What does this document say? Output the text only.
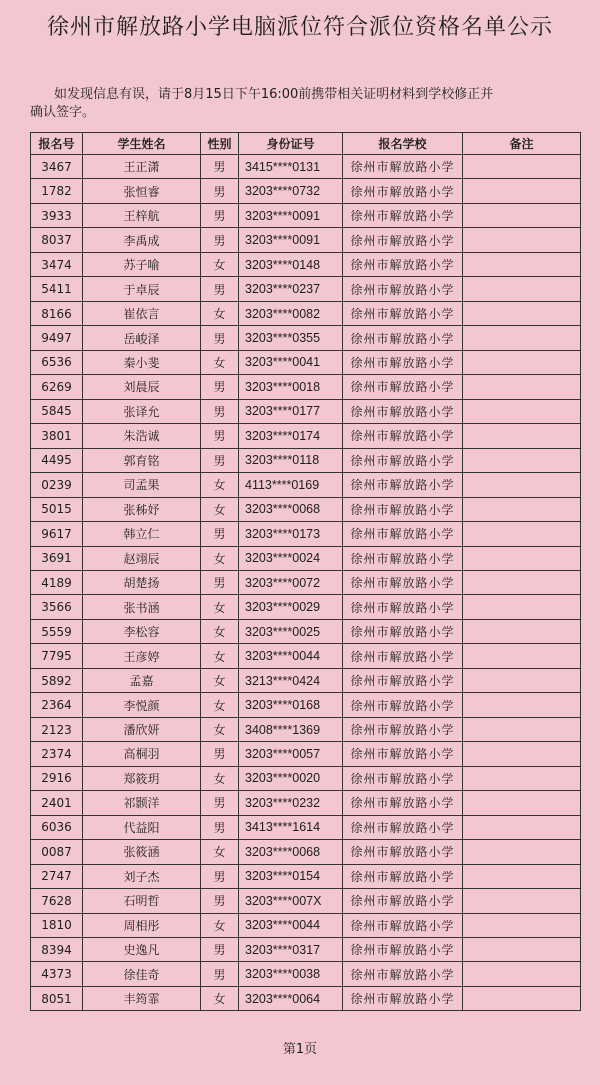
徐州市解放路小学电脑派位符合派位资格名单公示
如发现信息有误，请于8月15日下午16:00前携带相关证明材料到学校修正并
确认签字。
报名号	学生姓名	性别	身份证号	报名学校	备注
3467	王正潇	男	3415****0131	徐州市解放路小学	
1782	张恒睿	男	3203****0732	徐州市解放路小学	
3933	王梓航	男	3203****0091	徐州市解放路小学	
8037	李禹成	男	3203****0091	徐州市解放路小学	
3474	苏子喻	女	3203****0148	徐州市解放路小学	
5411	于卓辰	男	3203****0237	徐州市解放路小学	
8166	崔依言	女	3203****0082	徐州市解放路小学	
9497	岳峻泽	男	3203****0355	徐州市解放路小学	
6536	秦小斐	女	3203****0041	徐州市解放路小学	
6269	刘晨辰	男	3203****0018	徐州市解放路小学	
5845	张译允	男	3203****0177	徐州市解放路小学	
3801	朱浩诚	男	3203****0174	徐州市解放路小学	
4495	郭育铭	男	3203****0118	徐州市解放路小学	
0239	司孟果	女	4113****0169	徐州市解放路小学	
5015	张秭妤	女	3203****0068	徐州市解放路小学	
9617	韩立仁	男	3203****0173	徐州市解放路小学	
3691	赵翊辰	女	3203****0024	徐州市解放路小学	
4189	胡楚扬	男	3203****0072	徐州市解放路小学	
3566	张书涵	女	3203****0029	徐州市解放路小学	
5559	李松容	女	3203****0025	徐州市解放路小学	
7795	王彦婷	女	3203****0044	徐州市解放路小学	
5892	孟嘉	女	3213****0424	徐州市解放路小学	
2364	李悦颜	女	3203****0168	徐州市解放路小学	
2123	潘欣妍	女	3408****1369	徐州市解放路小学	
2374	高桐羽	男	3203****0057	徐州市解放路小学	
2916	郑筱玥	女	3203****0020	徐州市解放路小学	
2401	祁颢洋	男	3203****0232	徐州市解放路小学	
6036	代益阳	男	3413****1614	徐州市解放路小学	
0087	张筱涵	女	3203****0068	徐州市解放路小学	
2747	刘子杰	男	3203****0154	徐州市解放路小学	
7628	石明哲	男	3203****007X	徐州市解放路小学	
1810	周相彤	女	3203****0044	徐州市解放路小学	
8394	史逸凡	男	3203****0317	徐州市解放路小学	
4373	徐佳奇	男	3203****0038	徐州市解放路小学	
8051	丰筠霏	女	3203****0064	徐州市解放路小学	
第1页
